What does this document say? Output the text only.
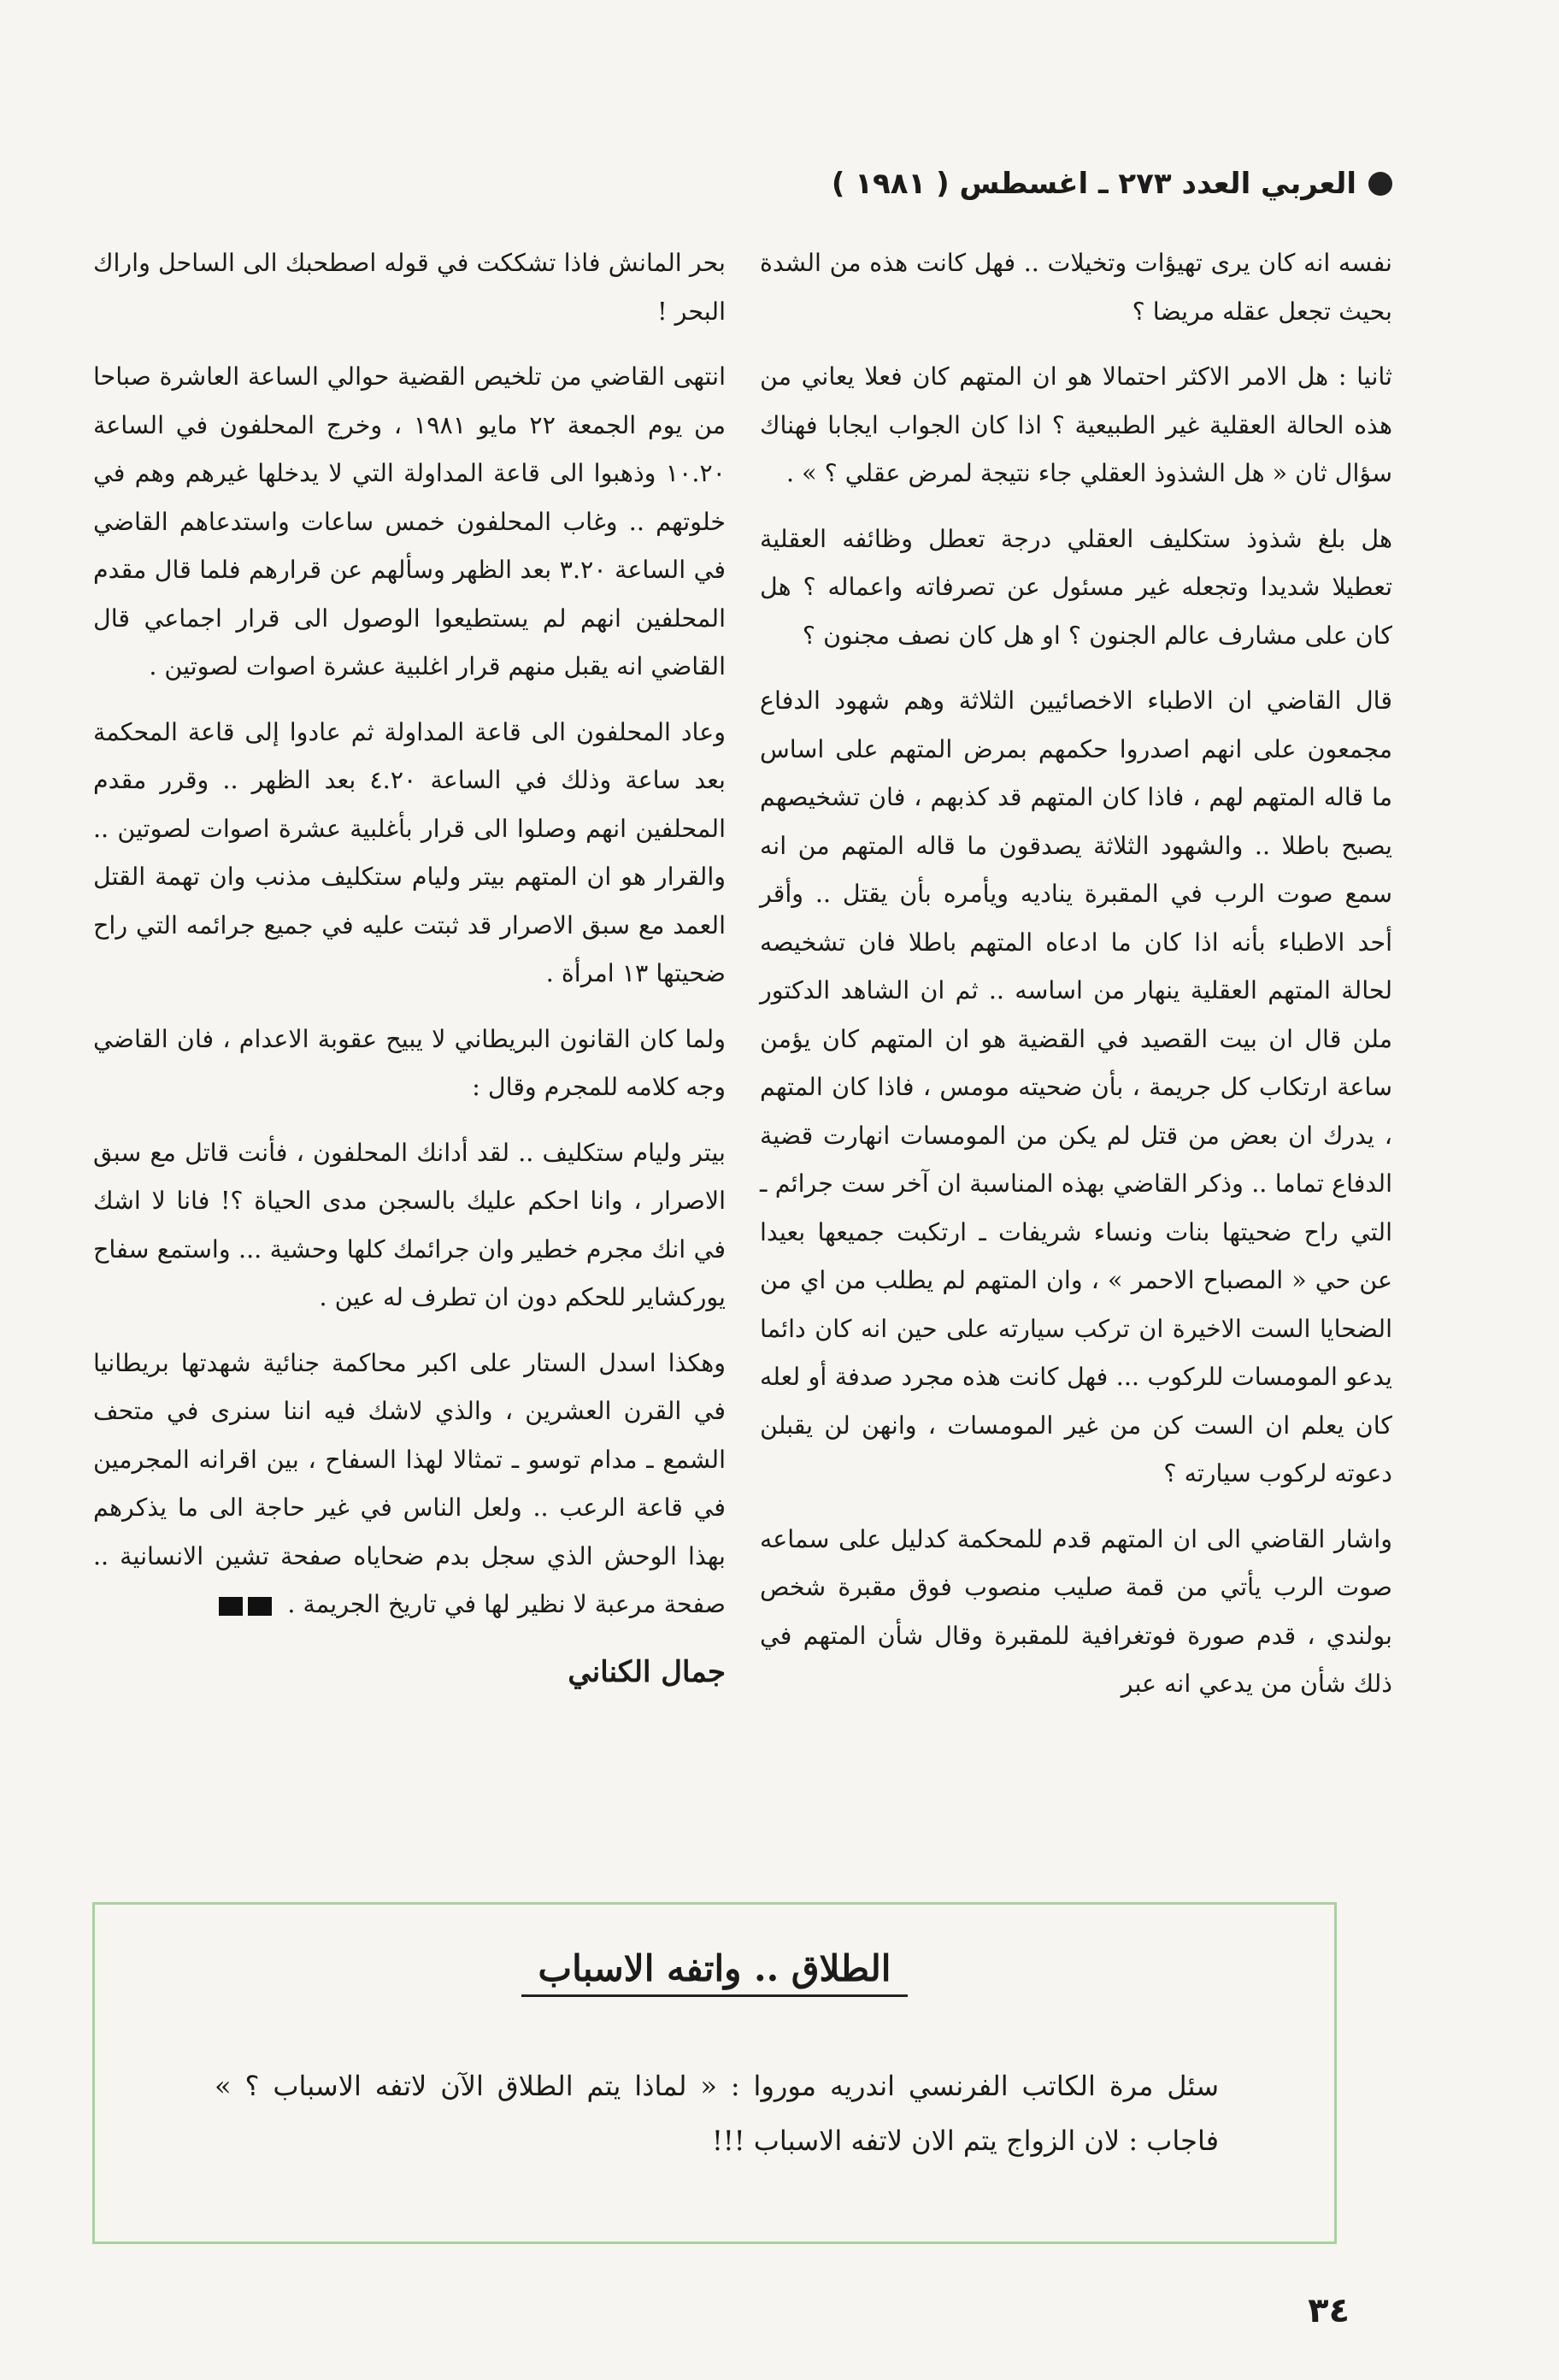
العربي العدد ٢٧٣ ـ اغسطس ( ١٩٨١ )

نفسه انه كان يرى تهيؤات وتخيلات .. فهل كانت هذه من الشدة بحيث تجعل عقله مريضا ؟

ثانيا : هل الامر الاكثر احتمالا هو ان المتهم كان فعلا يعاني من هذه الحالة العقلية غير الطبيعية ؟ اذا كان الجواب ايجابا فهناك سؤال ثان « هل الشذوذ العقلي جاء نتيجة لمرض عقلي ؟ » .

هل بلغ شذوذ ستكليف العقلي درجة تعطل وظائفه العقلية تعطيلا شديدا وتجعله غير مسئول عن تصرفاته واعماله ؟ هل كان على مشارف عالم الجنون ؟ او هل كان نصف مجنون ؟

قال القاضي ان الاطباء الاخصائيين الثلاثة وهم شهود الدفاع مجمعون على انهم اصدروا حكمهم بمرض المتهم على اساس ما قاله المتهم لهم ، فاذا كان المتهم قد كذبهم ، فان تشخيصهم يصبح باطلا .. والشهود الثلاثة يصدقون ما قاله المتهم من انه سمع صوت الرب في المقبرة يناديه ويأمره بأن يقتل .. وأقر أحد الاطباء بأنه اذا كان ما ادعاه المتهم باطلا فان تشخيصه لحالة المتهم العقلية ينهار من اساسه .. ثم ان الشاهد الدكتور ملن قال ان بيت القصيد في القضية هو ان المتهم كان يؤمن ساعة ارتكاب كل جريمة ، بأن ضحيته مومس ، فاذا كان المتهم ، يدرك ان بعض من قتل لم يكن من المومسات انهارت قضية الدفاع تماما .. وذكر القاضي بهذه المناسبة ان آخر ست جرائم ـ التي راح ضحيتها بنات ونساء شريفات ـ ارتكبت جميعها بعيدا عن حي « المصباح الاحمر » ، وان المتهم لم يطلب من اي من الضحايا الست الاخيرة ان تركب سيارته على حين انه كان دائما يدعو المومسات للركوب ... فهل كانت هذه مجرد صدفة أو لعله كان يعلم ان الست كن من غير المومسات ، وانهن لن يقبلن دعوته لركوب سيارته ؟

واشار القاضي الى ان المتهم قدم للمحكمة كدليل على سماعه صوت الرب يأتي من قمة صليب منصوب فوق مقبرة شخص بولندي ، قدم صورة فوتغرافية للمقبرة وقال شأن المتهم في ذلك شأن من يدعي انه عبر

بحر المانش فاذا تشككت في قوله اصطحبك الى الساحل واراك البحر !

انتهى القاضي من تلخيص القضية حوالي الساعة العاشرة صباحا من يوم الجمعة ٢٢ مايو ١٩٨١ ، وخرج المحلفون في الساعة ١٠.٢٠ وذهبوا الى قاعة المداولة التي لا يدخلها غيرهم وهم في خلوتهم .. وغاب المحلفون خمس ساعات واستدعاهم القاضي في الساعة ٣.٢٠ بعد الظهر وسألهم عن قرارهم فلما قال مقدم المحلفين انهم لم يستطيعوا الوصول الى قرار اجماعي قال القاضي انه يقبل منهم قرار اغلبية عشرة اصوات لصوتين .

وعاد المحلفون الى قاعة المداولة ثم عادوا إلى قاعة المحكمة بعد ساعة وذلك في الساعة ٤.٢٠ بعد الظهر .. وقرر مقدم المحلفين انهم وصلوا الى قرار بأغلبية عشرة اصوات لصوتين .. والقرار هو ان المتهم بيتر وليام ستكليف مذنب وان تهمة القتل العمد مع سبق الاصرار قد ثبتت عليه في جميع جرائمه التي راح ضحيتها ١٣ امرأة .

ولما كان القانون البريطاني لا يبيح عقوبة الاعدام ، فان القاضي وجه كلامه للمجرم وقال :

بيتر وليام ستكليف .. لقد أدانك المحلفون ، فأنت قاتل مع سبق الاصرار ، وانا احكم عليك بالسجن مدى الحياة ؟! فانا لا اشك في انك مجرم خطير وان جرائمك كلها وحشية ... واستمع سفاح يوركشاير للحكم دون ان تطرف له عين .

وهكذا اسدل الستار على اكبر محاكمة جنائية شهدتها بريطانيا في القرن العشرين ، والذي لاشك فيه اننا سنرى في متحف الشمع ـ مدام توسو ـ تمثالا لهذا السفاح ، بين اقرانه المجرمين في قاعة الرعب .. ولعل الناس في غير حاجة الى ما يذكرهم بهذا الوحش الذي سجل بدم ضحاياه صفحة تشين الانسانية .. صفحة مرعبة لا نظير لها في تاريخ الجريمة .

جمال الكناني
الطلاق .. واتفه الاسباب
سئل مرة الكاتب الفرنسي اندريه موروا : « لماذا يتم الطلاق الآن لاتفه الاسباب ؟ » فاجاب : لان الزواج يتم الان لاتفه الاسباب !!!
٣٤
